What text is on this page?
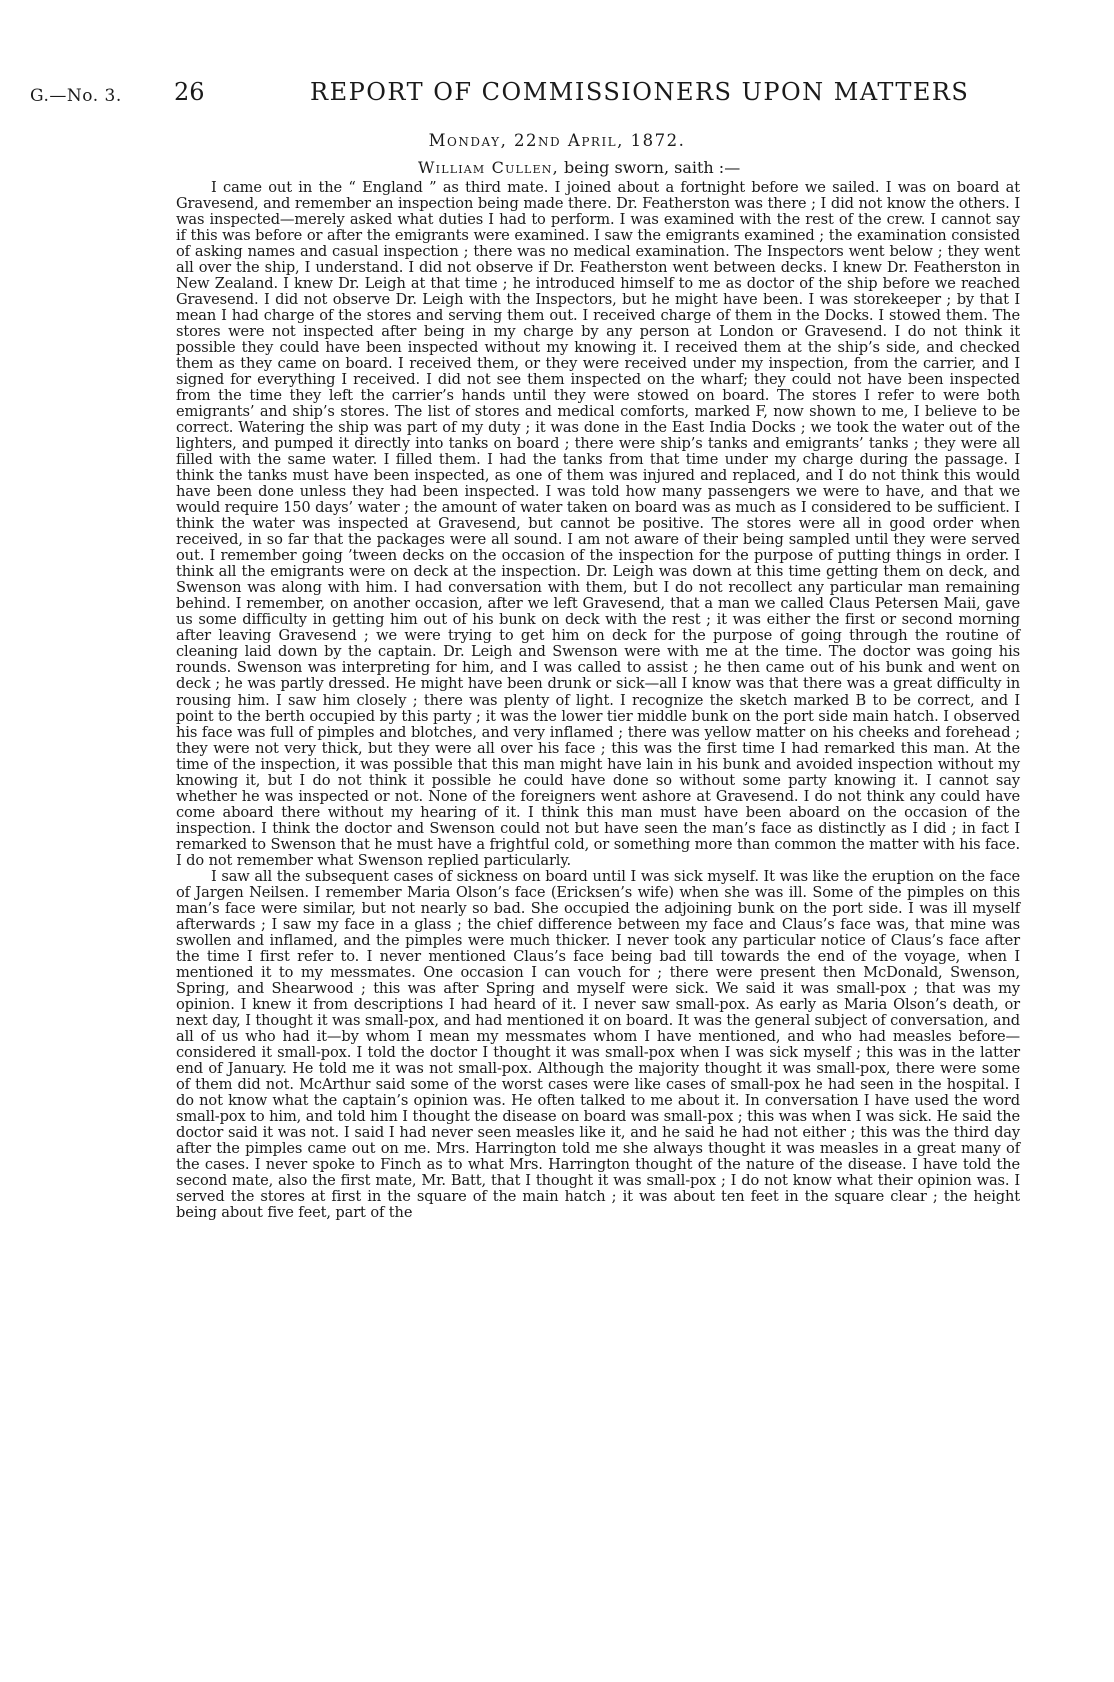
G.—No. 3. 26	REPORT OF COMMISSIONERS UPON MATTERS
Monday, 22nd April, 1872.
William Cullen, being sworn, saith :—

I came out in the “ England ” as third mate. I joined about a fortnight before we sailed. I was on board at Gravesend, and remember an inspection being made there. Dr. Featherston was there ; I did not know the others. I was inspected—merely asked what duties I had to perform. I was examined with the rest of the crew. I cannot say if this was before or after the emigrants were examined. I saw the emigrants examined ; the examination consisted of asking names and casual inspection ; there was no medical examination. The Inspectors went below ; they went all over the ship, I understand. I did not observe if Dr. Featherston went between decks. I knew Dr. Featherston in New Zealand. I knew Dr. Leigh at that time ; he introduced himself to me as doctor of the ship before we reached Gravesend. I did not observe Dr. Leigh with the Inspectors, but he might have been. I was storekeeper ; by that I mean I had charge of the stores and serving them out. I received charge of them in the Docks. I stowed them. The stores were not inspected after being in my charge by any person at London or Gravesend. I do not think it possible they could have been inspected without my knowing it. I received them at the ship’s side, and checked them as they came on board. I received them, or they were received under my inspection, from the carrier, and I signed for everything I received. I did not see them inspected on the wharf; they could not have been inspected from the time they left the carrier’s hands until they were stowed on board. The stores I refer to were both emigrants’ and ship’s stores. The list of stores and medical comforts, marked F, now shown to me, I believe to be correct. Watering the ship was part of my duty ; it was done in the East India Docks ; we took the water out of the lighters, and pumped it directly into tanks on board ; there were ship’s tanks and emigrants’ tanks ; they were all filled with the same water. I filled them. I had the tanks from that time under my charge during the passage. I think the tanks must have been inspected, as one of them was injured and replaced, and I do not think this would have been done unless they had been inspected. I was told how many passengers we were to have, and that we would require 150 days’ water ; the amount of water taken on board was as much as I considered to be sufficient. I think the water was inspected at Gravesend, but cannot be positive. The stores were all in good order when received, in so far that the packages were all sound. I am not aware of their being sampled until they were served out. I remember going ’tween decks on the occasion of the inspection for the purpose of putting things in order. I think all the emigrants were on deck at the inspection. Dr. Leigh was down at this time getting them on deck, and Swenson was along with him. I had conversation with them, but I do not recollect any particular man remaining behind. I remember, on another occasion, after we left Gravesend, that a man we called Claus Petersen Maii, gave us some difficulty in getting him out of his bunk on deck with the rest ; it was either the first or second morning after leaving Gravesend ; we were trying to get him on deck for the purpose of going through the routine of cleaning laid down by the captain. Dr. Leigh and Swenson were with me at the time. The doctor was going his rounds. Swenson was interpreting for him, and I was called to assist ; he then came out of his bunk and went on deck ; he was partly dressed. He might have been drunk or sick—all I know was that there was a great difficulty in rousing him. I saw him closely ; there was plenty of light. I recognize the sketch marked B to be correct, and I point to the berth occupied by this party ; it was the lower tier middle bunk on the port side main hatch. I observed his face was full of pimples and blotches, and very inflamed ; there was yellow matter on his cheeks and forehead ; they were not very thick, but they were all over his face ; this was the first time I had remarked this man. At the time of the inspection, it was possible that this man might have lain in his bunk and avoided inspection without my knowing it, but I do not think it possible he could have done so without some party knowing it. I cannot say whether he was inspected or not. None of the foreigners went ashore at Gravesend. I do not think any could have come aboard there without my hearing of it. I think this man must have been aboard on the occasion of the inspection. I think the doctor and Swenson could not but have seen the man’s face as distinctly as I did ; in fact I remarked to Swenson that he must have a frightful cold, or something more than common the matter with his face. I do not remember what Swenson replied particularly.

I saw all the subsequent cases of sickness on board until I was sick myself. It was like the eruption on the face of Jargen Neilsen. I remember Maria Olson’s face (Ericksen’s wife) when she was ill. Some of the pimples on this man’s face were similar, but not nearly so bad. She occupied the adjoining bunk on the port side. I was ill myself afterwards ; I saw my face in a glass ; the chief difference between my face and Claus’s face was, that mine was swollen and inflamed, and the pimples were much thicker. I never took any particular notice of Claus’s face after the time I first refer to. I never mentioned Claus’s face being bad till towards the end of the voyage, when I mentioned it to my messmates. One occasion I can vouch for ; there were present then McDonald, Swenson, Spring, and Shearwood ; this was after Spring and myself were sick. We said it was small-pox ; that was my opinion. I knew it from descriptions I had heard of it. I never saw small-pox. As early as Maria Olson’s death, or next day, I thought it was small-pox, and had mentioned it on board. It was the general subject of conversation, and all of us who had it—by whom I mean my messmates whom I have mentioned, and who had measles before—considered it small-pox. I told the doctor I thought it was small-pox when I was sick myself ; this was in the latter end of January. He told me it was not small-pox. Although the majority thought it was small-pox, there were some of them did not. McArthur said some of the worst cases were like cases of small-pox he had seen in the hospital. I do not know what the captain’s opinion was. He often talked to me about it. In conversation I have used the word small-pox to him, and told him I thought the disease on board was small-pox ; this was when I was sick. He said the doctor said it was not. I said I had never seen measles like it, and he said he had not either ; this was the third day after the pimples came out on me. Mrs. Harrington told me she always thought it was measles in a great many of the cases. I never spoke to Finch as to what Mrs. Harrington thought of the nature of the disease. I have told the second mate, also the first mate, Mr. Batt, that I thought it was small-pox ; I do not know what their opinion was. I served the stores at first in the square of the main hatch ; it was about ten feet in the square clear ; the height being about five feet, part of the
